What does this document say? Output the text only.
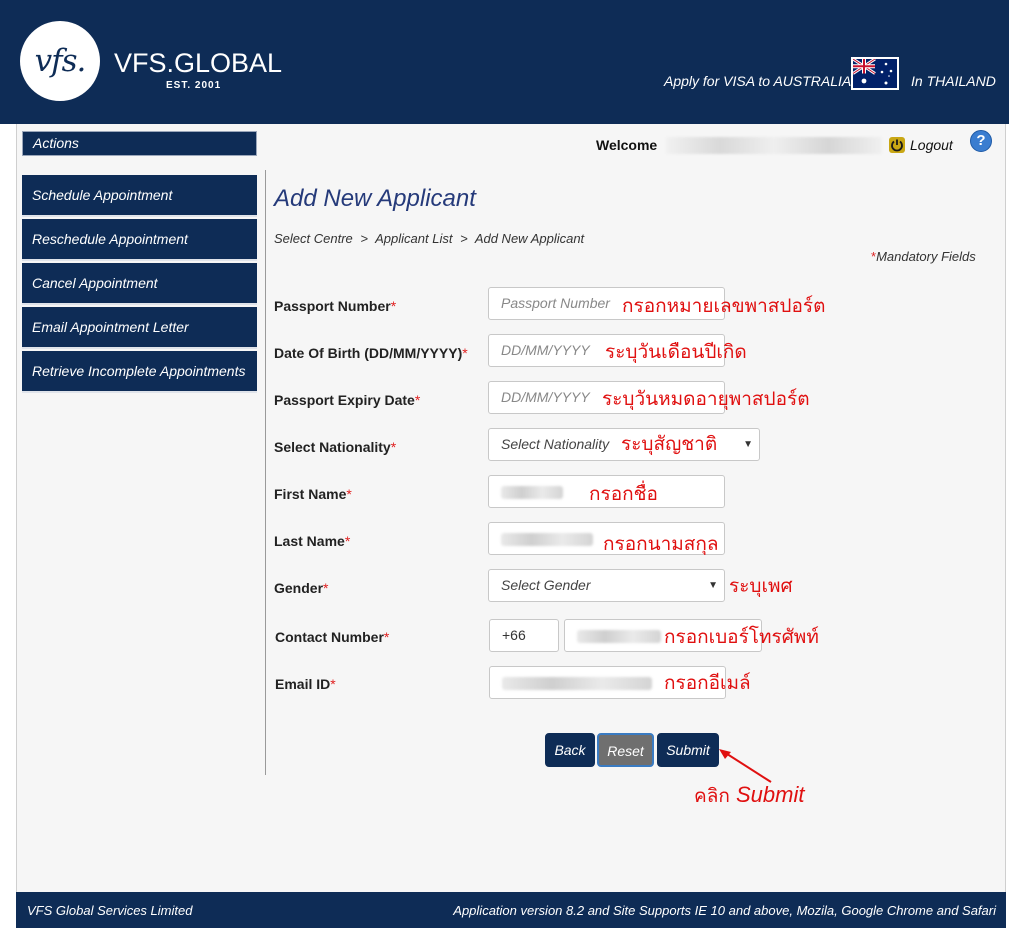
vfs. VFS.GLOBAL
EST. 2001	Apply for VISA to AUSTRALIA	In THAILAND
Actions
Schedule Appointment
Reschedule Appointment
Cancel Appointment
Email Appointment Letter
Retrieve Incomplete Appointments
Welcome	Logout	?
Add New Applicant
Select Centre > Applicant List > Add New Applicant
*Mandatory Fields
Passport Number*	Passport Number กรอกหมายเลขพาสปอร์ต
Date Of Birth (DD/MM/YYYY)*	DD/MM/YYYY ระบุวันเดือนปีเกิด
Passport Expiry Date*	DD/MM/YYYY ระบุวันหมดอายุพาสปอร์ต
Select Nationality*	Select Nationality	▼
ระบุสัญชาติ
First Name*	กรอกชื่อ
Last Name*	กรอกนามสกุล
Gender*	Select Gender	▼ ระบุเพศ
Contact Number*	+66	กรอกเบอร์โทรศัพท์
Email ID*	กรอกอีเมล์
Back	Reset	Submit
คลิก Submit
VFS Global Services Limited	Application version 8.2 and Site Supports IE 10 and above, Mozila, Google Chrome and Safari
